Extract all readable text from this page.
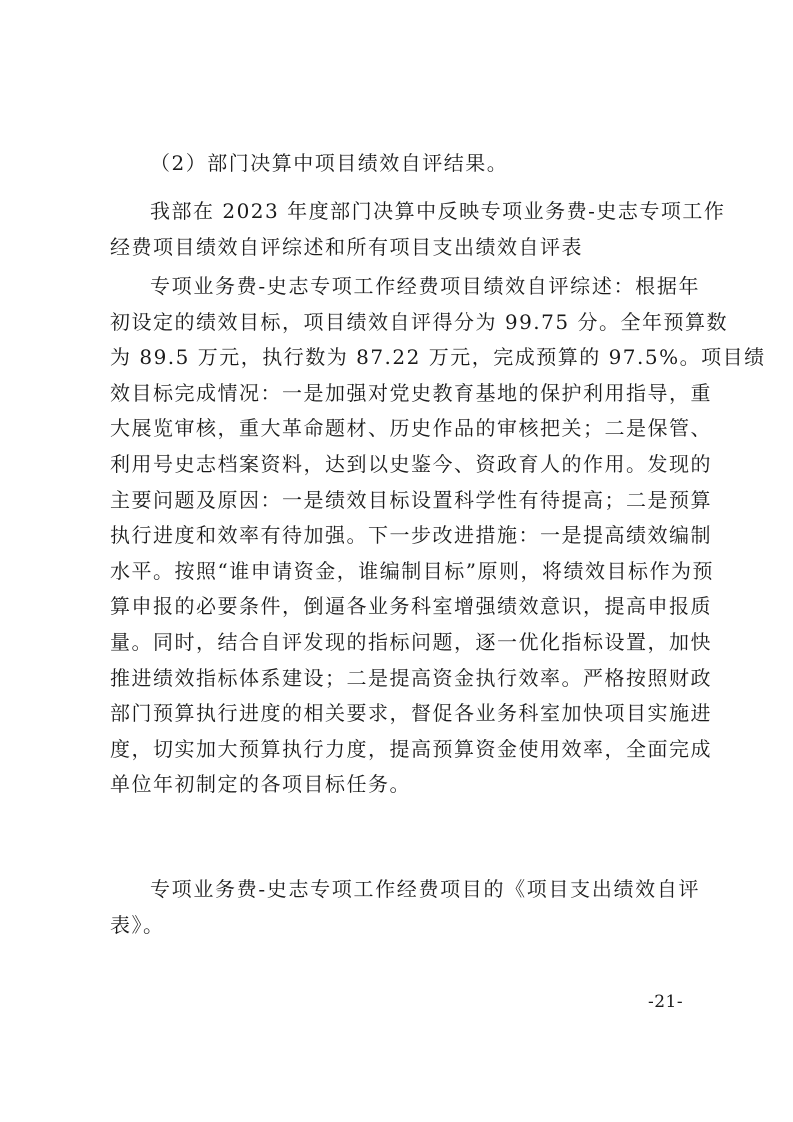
（2）部门决算中项目绩效自评结果。
我部在 2023 年度部门决算中反映专项业务费-史志专项工作
经费项目绩效自评综述和所有项目支出绩效自评表
专项业务费-史志专项工作经费项目绩效自评综述：根据年
初设定的绩效目标，项目绩效自评得分为 99.75 分。全年预算数
为 89.5 万元，执行数为 87.22 万元，完成预算的 97.5%。项目绩
效目标完成情况：一是加强对党史教育基地的保护利用指导，重
大展览审核，重大革命题材、历史作品的审核把关；二是保管、
利用号史志档案资料，达到以史鉴今、资政育人的作用。发现的
主要问题及原因：一是绩效目标设置科学性有待提高；二是预算
执行进度和效率有待加强。下一步改进措施：一是提高绩效编制
水平。按照“谁申请资金，谁编制目标”原则，将绩效目标作为预
算申报的必要条件，倒逼各业务科室增强绩效意识，提高申报质
量。同时，结合自评发现的指标问题，逐一优化指标设置，加快
推进绩效指标体系建设；二是提高资金执行效率。严格按照财政
部门预算执行进度的相关要求，督促各业务科室加快项目实施进
度，切实加大预算执行力度，提高预算资金使用效率，全面完成
单位年初制定的各项目标任务。
专项业务费-史志专项工作经费项目的《项目支出绩效自评
表》。
-21-
